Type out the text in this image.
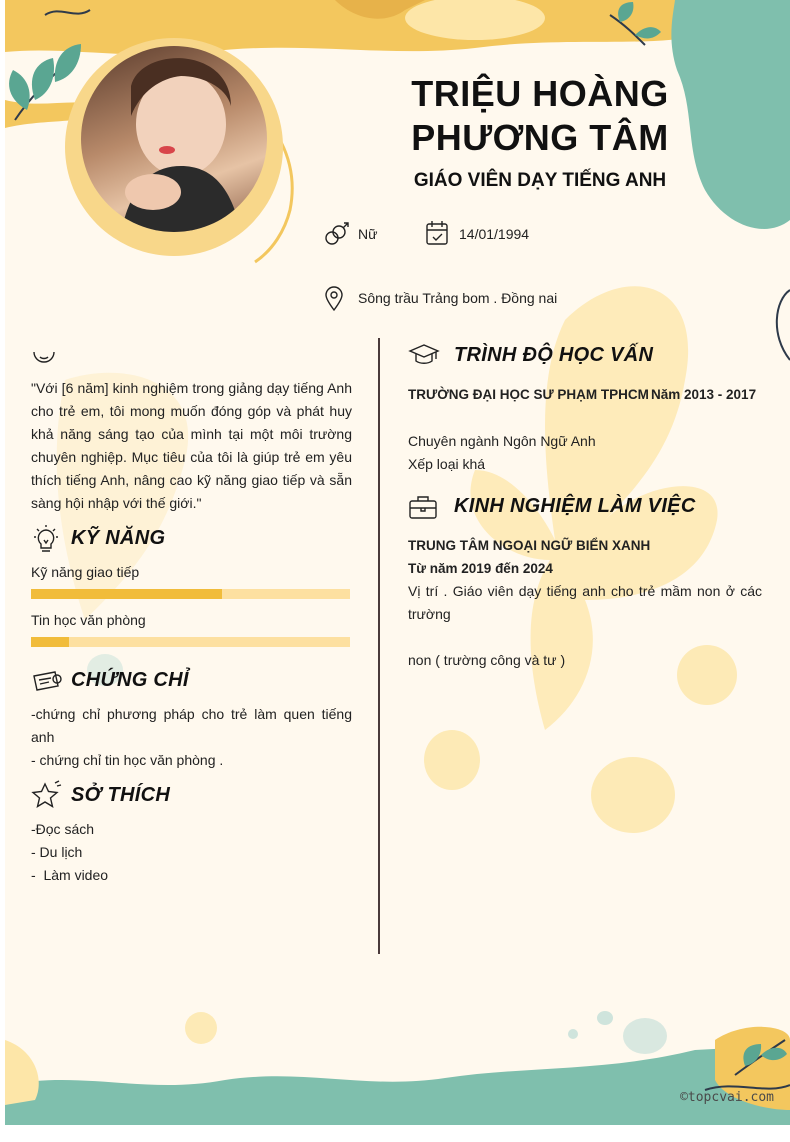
TRIỆU HOÀNG PHƯƠNG TÂM
GIÁO VIÊN DẠY TIẾNG ANH
Nữ	14/01/1994
Sông trầu Trảng bom . Đồng nai
"Với [6 năm] kinh nghiệm trong giảng dạy tiếng Anh cho trẻ em, tôi mong muốn đóng góp và phát huy khả năng sáng tạo của mình tại một môi trường chuyên nghiệp. Mục tiêu của tôi là giúp trẻ em yêu thích tiếng Anh, nâng cao kỹ năng giao tiếp và sẵn sàng hội nhập với thế giới."
KỸ NĂNG
Kỹ năng giao tiếp
Tin học văn phòng
CHỨNG CHỈ
-chứng chỉ phương pháp cho trẻ làm quen tiếng anh
- chứng chỉ tin học văn phòng .
SỞ THÍCH
-Đọc sách
- Du lịch
-  Làm video
TRÌNH ĐỘ HỌC VẤN
TRƯỜNG ĐẠI HỌC SƯ PHẠM TPHCM Năm 2013 - 2017
Chuyên ngành Ngôn Ngữ Anh
Xếp loại khá
KINH NGHIỆM LÀM VIỆC
TRUNG TÂM NGOẠI NGỮ BIỂN XANH
Từ năm 2019 đến 2024
Vị trí . Giáo viên dạy tiếng anh cho trẻ mầm non ở các trường
non ( trường công và tư )
©topcvai.com
